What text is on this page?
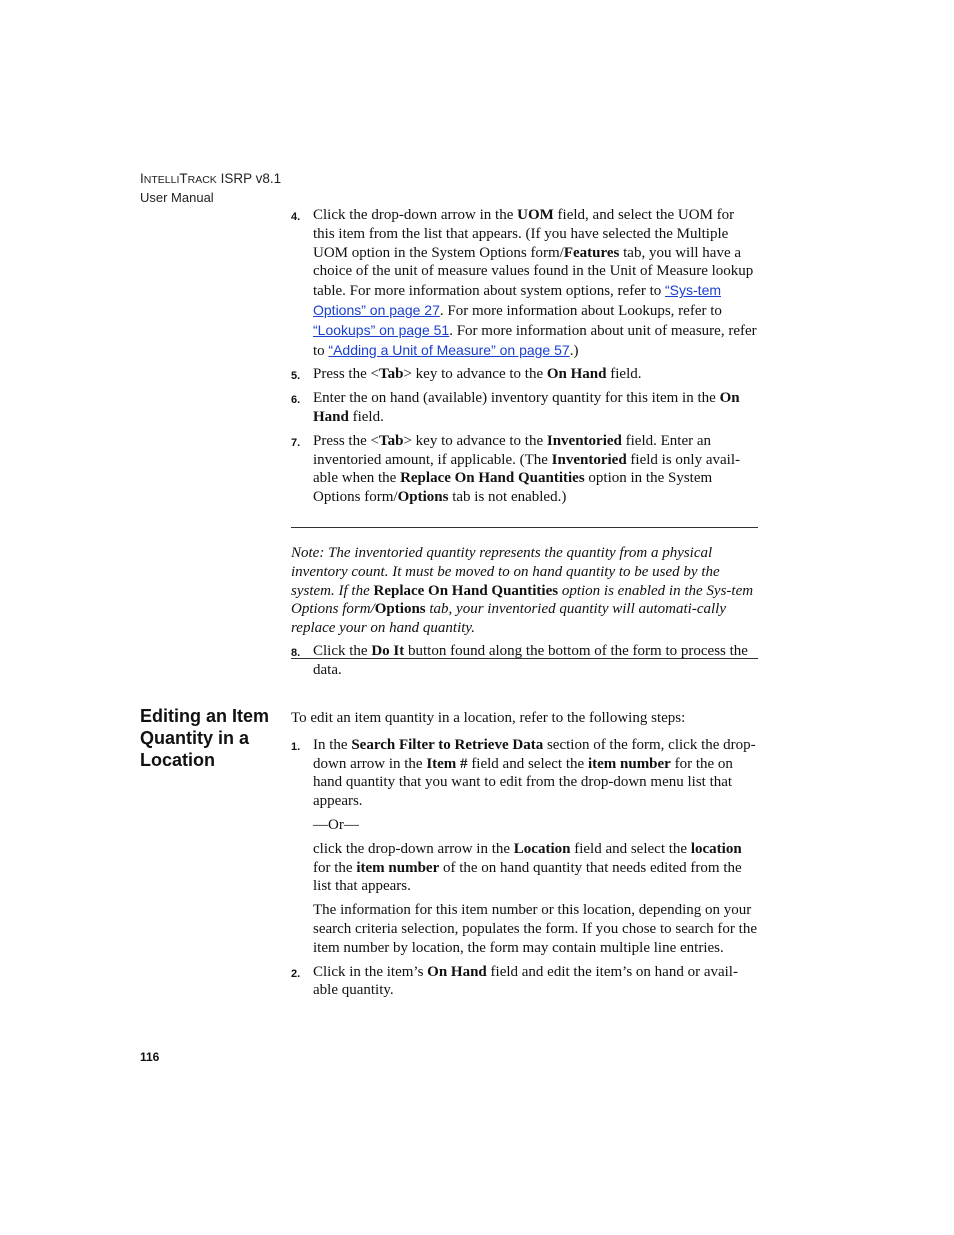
INTELLITRACK ISRP v8.1
User Manual
4. Click the drop-down arrow in the UOM field, and select the UOM for this item from the list that appears. (If you have selected the Multiple UOM option in the System Options form/Features tab, you will have a choice of the unit of measure values found in the Unit of Measure lookup table. For more information about system options, refer to “Sys-tem Options” on page 27. For more information about Lookups, refer to “Lookups” on page 51. For more information about unit of measure, refer to “Adding a Unit of Measure” on page 57.)

5. Press the <Tab> key to advance to the On Hand field.

6. Enter the on hand (available) inventory quantity for this item in the On Hand field.

7. Press the <Tab> key to advance to the Inventoried field. Enter an inventoried amount, if applicable. (The Inventoried field is only avail-able when the Replace On Hand Quantities option in the System Options form/Options tab is not enabled.)

Note: The inventoried quantity represents the quantity from a physical inventory count. It must be moved to on hand quantity to be used by the system. If the Replace On Hand Quantities option is enabled in the Sys-tem Options form/Options tab, your inventoried quantity will automati-cally replace your on hand quantity.

8. Click the Do It button found along the bottom of the form to process the data.

Editing an Item Quantity in a Location

To edit an item quantity in a location, refer to the following steps:

1. In the Search Filter to Retrieve Data section of the form, click the drop-down arrow in the Item # field and select the item number for the on hand quantity that you want to edit from the drop-down menu list that appears.

—Or—

click the drop-down arrow in the Location field and select the location for the item number of the on hand quantity that needs edited from the list that appears.

The information for this item number or this location, depending on your search criteria selection, populates the form. If you chose to search for the item number by location, the form may contain multiple line entries.

2. Click in the item’s On Hand field and edit the item’s on hand or avail-able quantity.

116
